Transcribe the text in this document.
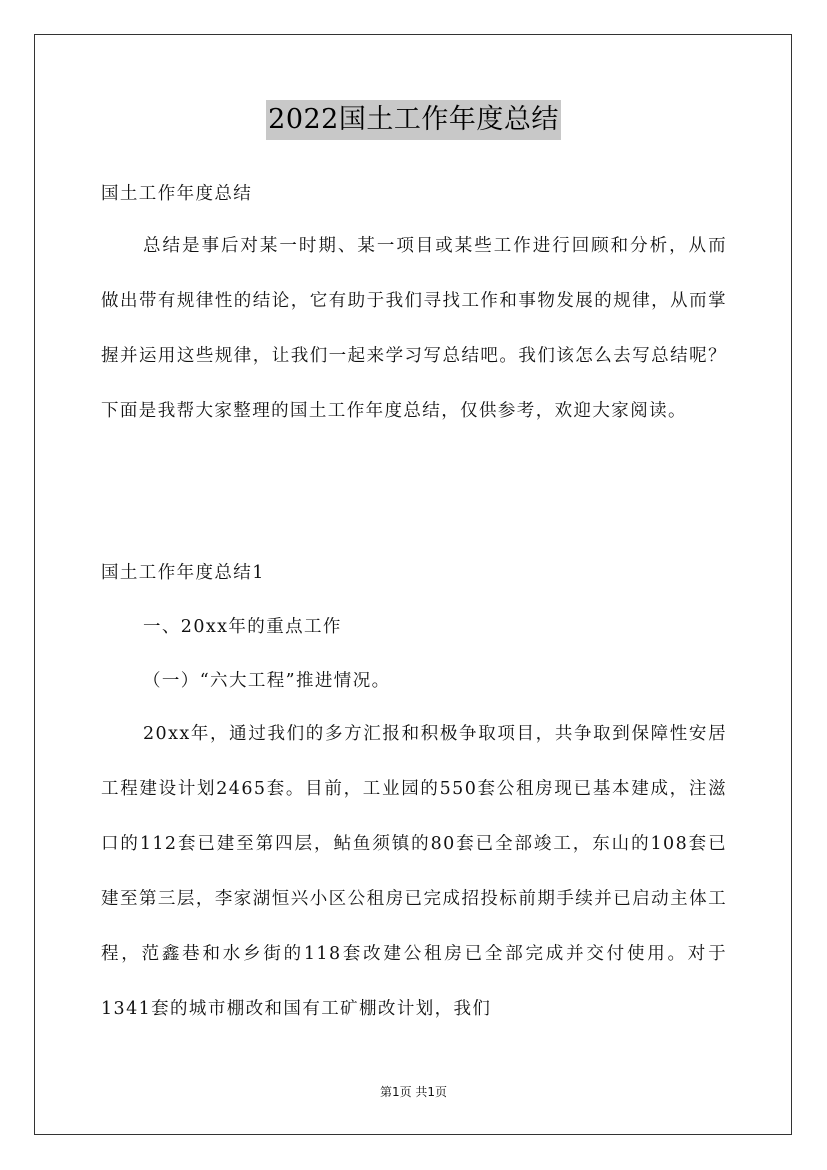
2022国土工作年度总结

国土工作年度总结

总结是事后对某一时期、某一项目或某些工作进行回顾和分析，从而做出带有规律性的结论，它有助于我们寻找工作和事物发展的规律，从而掌握并运用这些规律，让我们一起来学习写总结吧。我们该怎么去写总结呢？下面是我帮大家整理的国土工作年度总结，仅供参考，欢迎大家阅读。

国土工作年度总结1

一、20xx年的重点工作

（一）“六大工程”推进情况。

20xx年，通过我们的多方汇报和积极争取项目，共争取到保障性安居工程建设计划2465套。目前，工业园的550套公租房现已基本建成，注滋口的112套已建至第四层，鲇鱼须镇的80套已全部竣工，东山的108套已建至第三层，李家湖恒兴小区公租房已完成招投标前期手续并已启动主体工程，范鑫巷和水乡街的118套改建公租房已全部完成并交付使用。对于1341套的城市棚改和国有工矿棚改计划，我们

第1页 共1页
